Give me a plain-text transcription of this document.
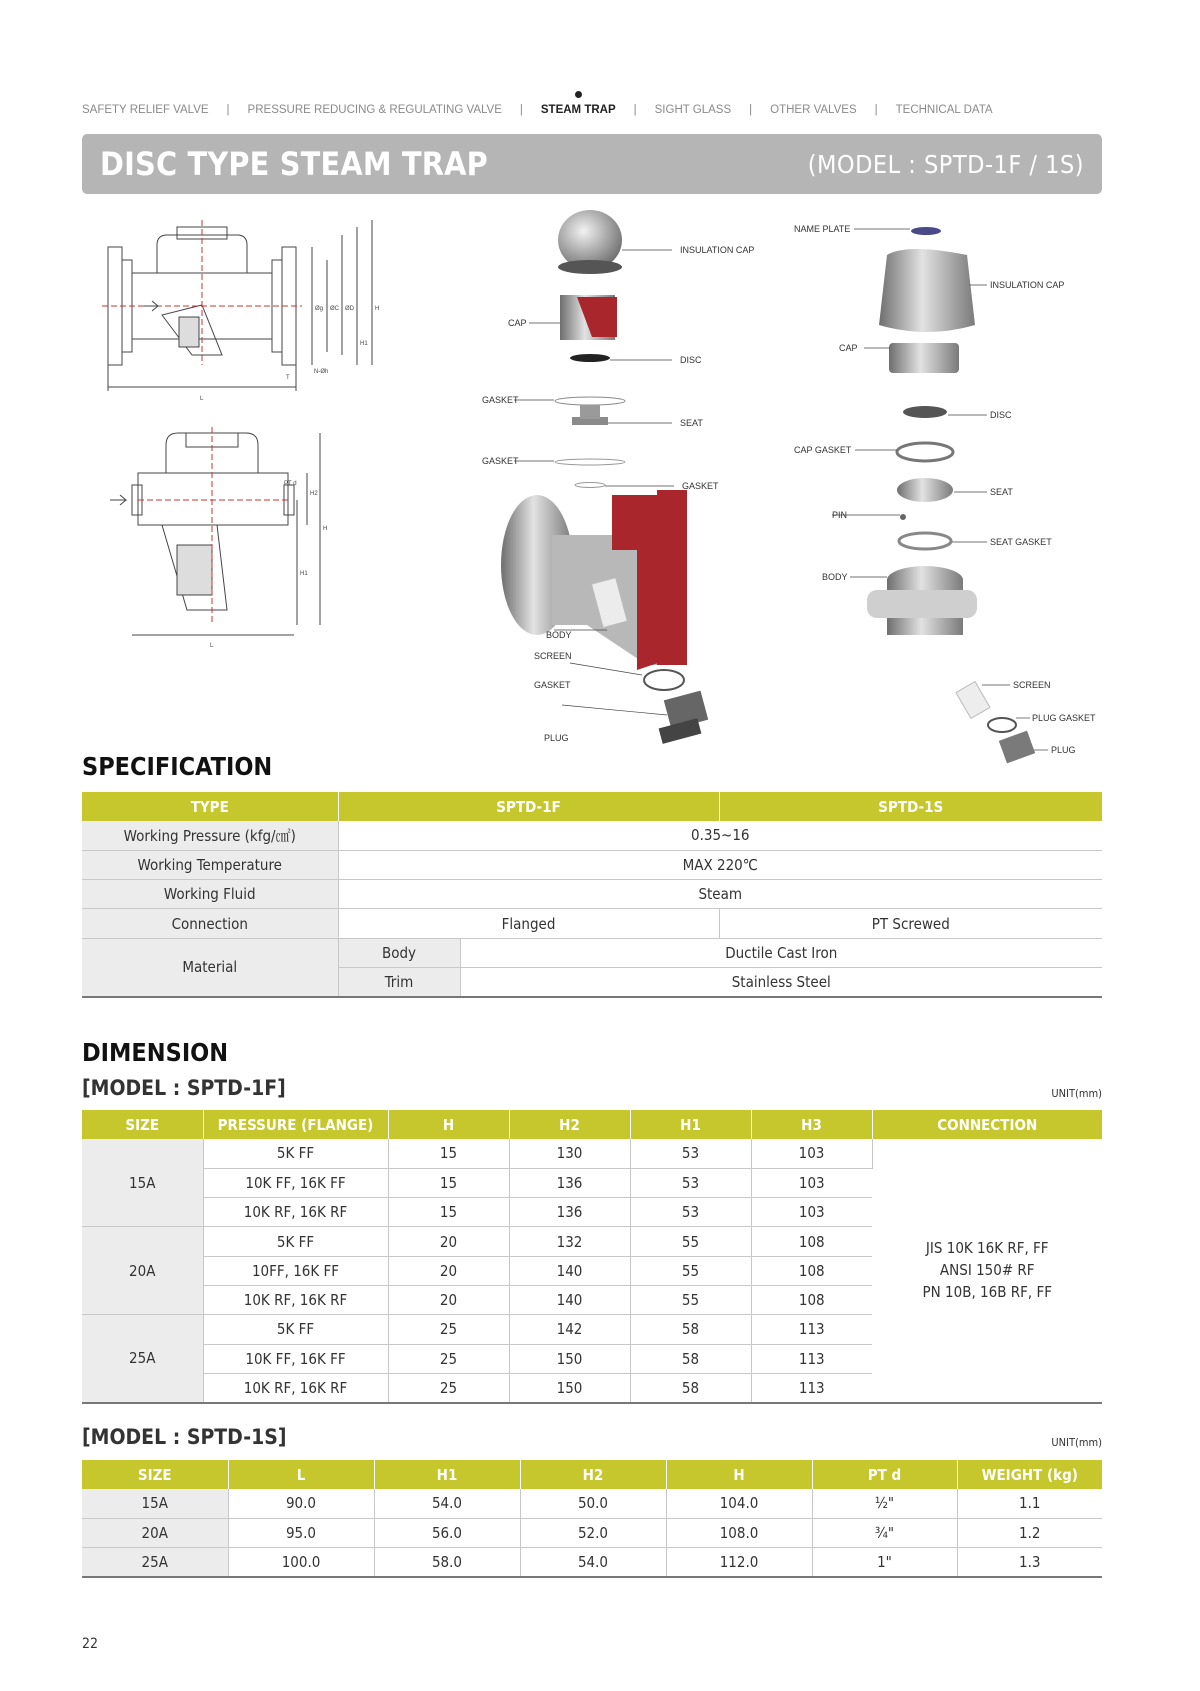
SAFETY RELIEF VALVE | PRESSURE REDUCING & REGULATING VALVE | STEAM TRAP | SIGHT GLASS | OTHER VALVES | TECHNICAL DATA
DISC TYPE STEAM TRAP	(MODEL : SPTD-1F / 1S)
L
T
N-Øh
Øg ØC ØD	H
H1
PT d
H2
H
H1
L
INSULATION CAP
CAP
DISC
GASKET
SEAT
GASKET
GASKET
BODY
SCREEN
GASKET
PLUG
NAME PLATE
INSULATION CAP
CAP
DISC
CAP GASKET
SEAT
PIN
SEAT GASKET
BODY
SCREEN
PLUG GASKET
PLUG
SPECIFICATION
TYPE	SPTD-1F		SPTD-1S
Working Pressure (kfg/㎠)	0.35~16		
Working Temperature	MAX 220℃		
Working Fluid	Steam		
Connection	Flanged		PT Screwed
Material	Body	Ductile Cast Iron	
	Trim	Stainless Steel	
DIMENSION
[MODEL : SPTD-1F]	UNIT(mm)
SIZE	PRESSURE (FLANGE)	H	H2	H1	H3	CONNECTION
15A	5K FF	15	130	53	103	JIS 10K 16K RF, FF
ANSI 150# RF
PN 10B, 16B RF, FF

	10K FF, 16K FF	15	136	53	103	
	10K RF, 16K RF	15	136	53	103	
20A	5K FF	20	132	55	108	
	10FF, 16K FF	20	140	55	108	
	10K RF, 16K RF	20	140	55	108	
25A	5K FF	25	142	58	113	
	10K FF, 16K FF	25	150	58	113	
	10K RF, 16K RF	25	150	58	113	
[MODEL : SPTD-1S]	UNIT(mm)
SIZE	L	H1	H2	H	PT d	WEIGHT (kg)
15A	90.0	54.0	50.0	104.0	½"	1.1
20A	95.0	56.0	52.0	108.0	¾"	1.2
25A	100.0	58.0	54.0	112.0	1"	1.3
22
